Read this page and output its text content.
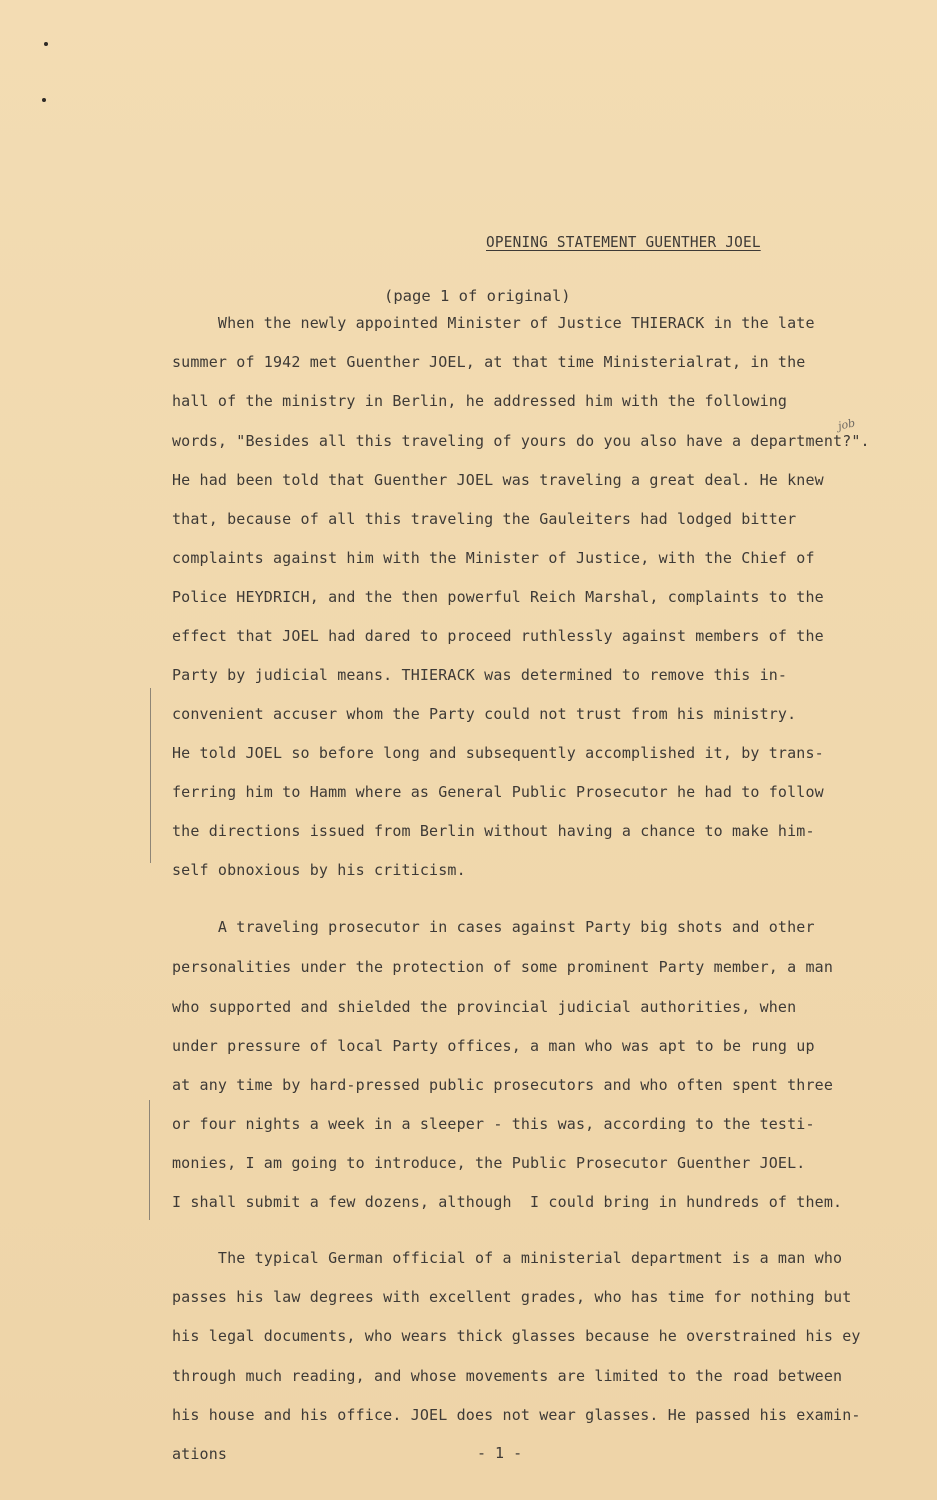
OPENING STATEMENT GUENTHER JOEL
(page 1 of original)
job
When the newly appointed Minister of Justice THIERACK in the late
summer of 1942 met Guenther JOEL, at that time Ministerialrat, in the
hall of the ministry in Berlin, he addressed him with the following
words, "Besides all this traveling of yours do you also have a department?".
He had been told that Guenther JOEL was traveling a great deal. He knew
that, because of all this traveling the Gauleiters had lodged bitter
complaints against him with the Minister of Justice, with the Chief of
Police HEYDRICH, and the then powerful Reich Marshal, complaints to the
effect that JOEL had dared to proceed ruthlessly against members of the
Party by judicial means. THIERACK was determined to remove this in-
convenient accuser whom the Party could not trust from his ministry.
He told JOEL so before long and subsequently accomplished it, by trans-
ferring him to Hamm where as General Public Prosecutor he had to follow
the directions issued from Berlin without having a chance to make him-
self obnoxious by his criticism.
A traveling prosecutor in cases against Party big shots and other
personalities under the protection of some prominent Party member, a man
who supported and shielded the provincial judicial authorities, when
under pressure of local Party offices, a man who was apt to be rung up
at any time by hard-pressed public prosecutors and who often spent three
or four nights a week in a sleeper - this was, according to the testi-
monies, I am going to introduce, the Public Prosecutor Guenther JOEL.
I shall submit a few dozens, although  I could bring in hundreds of them.
The typical German official of a ministerial department is a man who
passes his law degrees with excellent grades, who has time for nothing but
his legal documents, who wears thick glasses because he overstrained his ey
through much reading, and whose movements are limited to the road between
his house and his office. JOEL does not wear glasses. He passed his examin-
ations	- 1 -
